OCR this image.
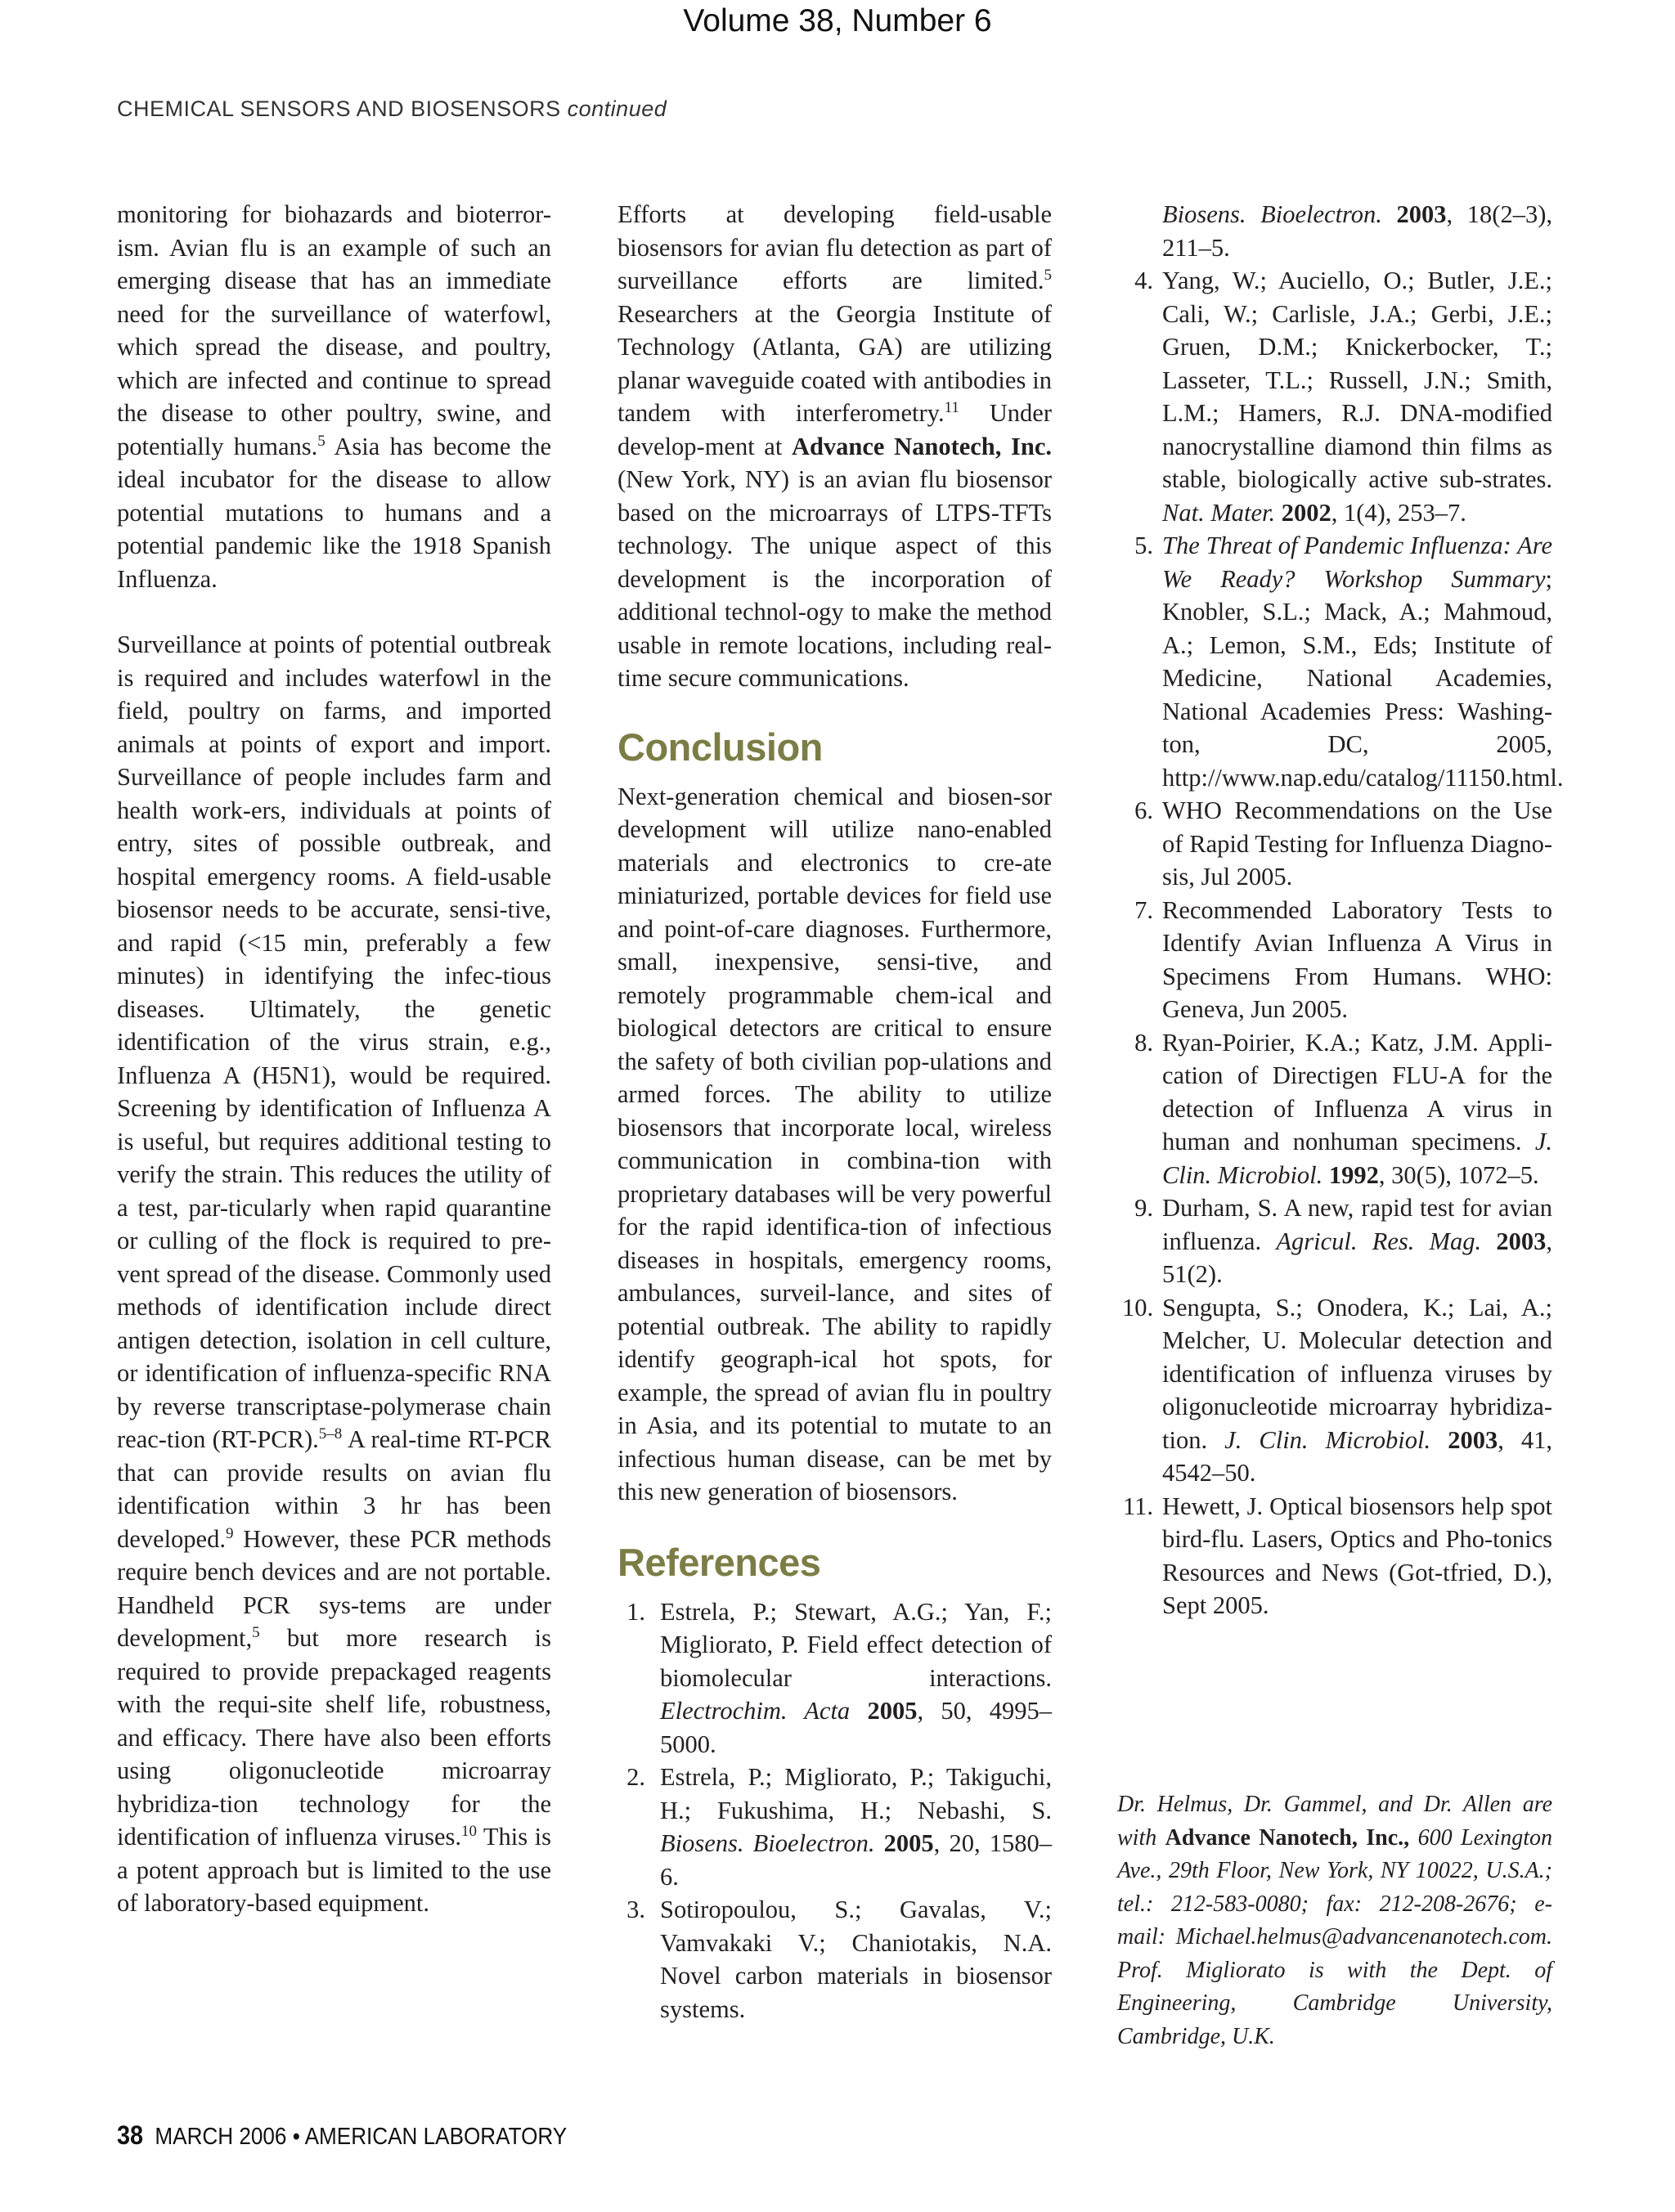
Volume 38, Number 6
CHEMICAL SENSORS AND BIOSENSORS continued

monitoring for biohazards and bioterror-ism. Avian flu is an example of such an emerging disease that has an immediate need for the surveillance of waterfowl, which spread the disease, and poultry, which are infected and continue to spread the disease to other poultry, swine, and potentially humans.$^5$ Asia has become the ideal incubator for the disease to allow potential mutations to humans and a potential pandemic like the 1918 Spanish Influenza.

Surveillance at points of potential outbreak is required and includes waterfowl in the field, poultry on farms, and imported animals at points of export and import. Surveillance of people includes farm and health work-ers, individuals at points of entry, sites of possible outbreak, and hospital emergency rooms. A field-usable biosensor needs to be accurate, sensi-tive, and rapid (<15 min, preferably a few minutes) in identifying the infec-tious diseases. Ultimately, the genetic identification of the virus strain, e.g., Influenza A (H5N1), would be required. Screening by identification of Influenza A is useful, but requires additional testing to verify the strain. This reduces the utility of a test, par-ticularly when rapid quarantine or culling of the flock is required to pre-vent spread of the disease. Commonly used methods of identification include direct antigen detection, isolation in cell culture, or identification of influenza-specific RNA by reverse transcriptase-polymerase chain reac-tion (RT-PCR).$^{5-8}$ A real-time RT-PCR that can provide results on avian flu identification within 3 hr has been developed.$^9$ However, these PCR methods require bench devices and are not portable. Handheld PCR sys-tems are under development,$^5$ but more research is required to provide prepackaged reagents with the requi-site shelf life, robustness, and efficacy. There have also been efforts using oligonucleotide microarray hybridiza-tion technology for the identification of influenza viruses.$^{10}$ This is a potent approach but is limited to the use of laboratory-based equipment.

Efforts at developing field-usable biosensors for avian flu detection as part of surveillance efforts are limited.$^5$ Researchers at the Georgia Institute of Technology (Atlanta, GA) are utilizing planar waveguide coated with antibodies in tandem with interferometry.$^{11}$ Under develop-ment at Advance Nanotech, Inc. (New York, NY) is an avian flu biosensor based on the microarrays of LTPS-TFTs technology. The unique aspect of this development is the incorporation of additional technol-ogy to make the method usable in remote locations, including real-time secure communications.

Conclusion

Next-generation chemical and biosen-sor development will utilize nano-enabled materials and electronics to cre-ate miniaturized, portable devices for field use and point-of-care diagnoses. Furthermore, small, inexpensive, sensi-tive, and remotely programmable chem-ical and biological detectors are critical to ensure the safety of both civilian pop-ulations and armed forces. The ability to utilize biosensors that incorporate local, wireless communication in combina-tion with proprietary databases will be very powerful for the rapid identifica-tion of infectious diseases in hospitals, emergency rooms, ambulances, surveil-lance, and sites of potential outbreak. The ability to rapidly identify geograph-ical hot spots, for example, the spread of avian flu in poultry in Asia, and its potential to mutate to an infectious human disease, can be met by this new generation of biosensors.

References
1. Estrela, P.; Stewart, A.G.; Yan, F.; Migliorato, P. Field effect detection of biomolecular interactions. Electrochim. Acta 2005, 50, 4995–5000.
2. Estrela, P.; Migliorato, P.; Takiguchi, H.; Fukushima, H.; Nebashi, S. Biosens. Bioelectron. 2005, 20, 1580–6.
3. Sotiropoulou, S.; Gavalas, V.; Vamvakaki V.; Chaniotakis, N.A. Novel carbon materials in biosensor systems.
Biosens. Bioelectron. 2003, 18(2–3), 211–5.
4. Yang, W.; Auciello, O.; Butler, J.E.; Cali, W.; Carlisle, J.A.; Gerbi, J.E.; Gruen, D.M.; Knickerbocker, T.; Lasseter, T.L.; Russell, J.N.; Smith, L.M.; Hamers, R.J. DNA-modified nanocrystalline diamond thin films as stable, biologically active sub-strates. Nat. Mater. 2002, 1(4), 253–7.
5. The Threat of Pandemic Influenza: Are We Ready? Workshop Summary; Knobler, S.L.; Mack, A.; Mahmoud, A.; Lemon, S.M., Eds; Institute of Medicine, National Academies, National Academies Press: Washing-ton, DC, 2005, http://www.nap.edu/catalog/11150.html.
6. WHO Recommendations on the Use of Rapid Testing for Influenza Diagno-sis, Jul 2005.
7. Recommended Laboratory Tests to Identify Avian Influenza A Virus in Specimens From Humans. WHO: Geneva, Jun 2005.
8. Ryan-Poirier, K.A.; Katz, J.M. Appli-cation of Directigen FLU-A for the detection of Influenza A virus in human and nonhuman specimens. J. Clin. Microbiol. 1992, 30(5), 1072–5.
9. Durham, S. A new, rapid test for avian influenza. Agricul. Res. Mag. 2003, 51(2).
10. Sengupta, S.; Onodera, K.; Lai, A.; Melcher, U. Molecular detection and identification of influenza viruses by oligonucleotide microarray hybridiza-tion. J. Clin. Microbiol. 2003, 41, 4542–50.
11. Hewett, J. Optical biosensors help spot bird-flu. Lasers, Optics and Pho-tonics Resources and News (Got-tfried, D.), Sept 2005.
Dr. Helmus, Dr. Gammel, and Dr. Allen are with Advance Nanotech, Inc., 600 Lexington Ave., 29th Floor, New York, NY 10022, U.S.A.; tel.: 212-583-0080; fax: 212-208-2676; e-mail: Michael.helmus@advancenanotech.com. Prof. Migliorato is with the Dept. of Engineering, Cambridge University, Cambridge, U.K.
38 MARCH 2006 • AMERICAN LABORATORY
